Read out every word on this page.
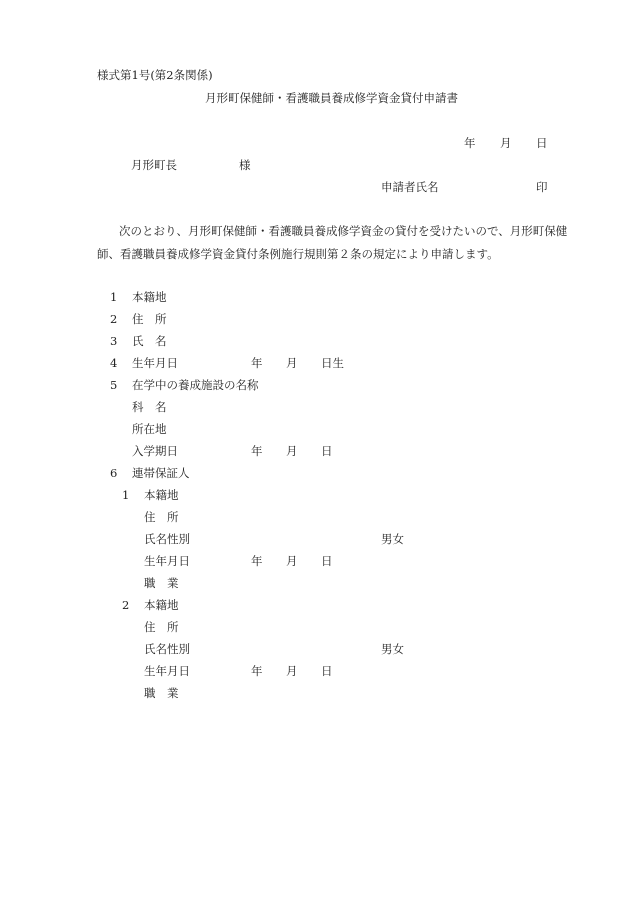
様式第1号(第2条関係)
月形町保健師・看護職員養成修学資金貸付申請書
年 月 日
月形町長	様
申請者氏名	印
次のとおり、月形町保健師・看護職員養成修学資金の貸付を受けたいので、月形町保健師、看護職員養成修学資金貸付条例施行規則第２条の規定により申請します。
1 本籍地
2 住　所
3 氏　名
4 生年月日	年 月 日生
5 在学中の養成施設の名称
科　名
所在地
入学期日	年 月 日
6 連帯保証人
1 本籍地
住　所
氏名性別	男女
生年月日	年 月 日
職　業
2 本籍地
住　所
氏名性別	男女
生年月日	年 月 日
職　業
